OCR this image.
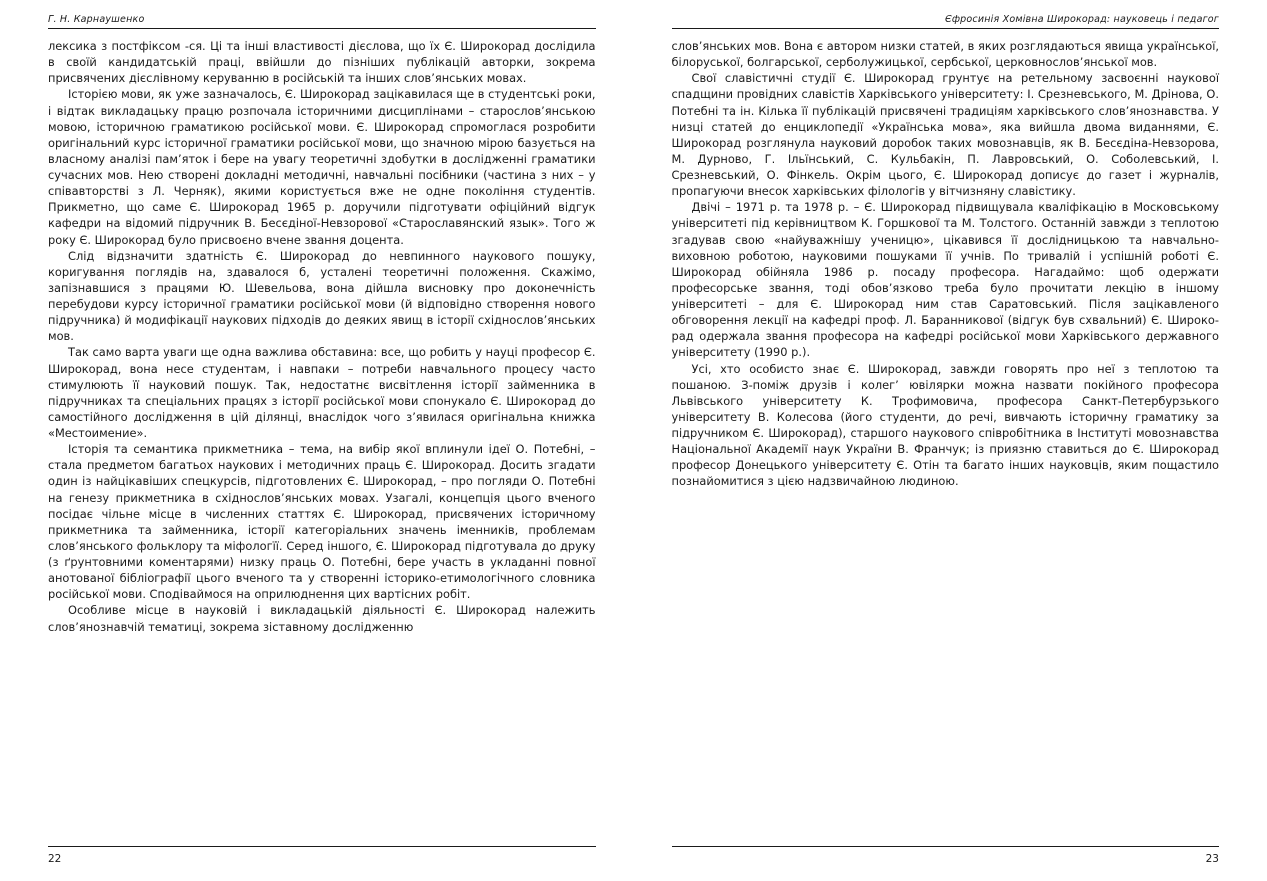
Г. Н. Карнаушенко

лексика з постфіксом -ся. Ці та інші властивості дієслова, що їх Є. Широкорад дослідила в своїй кандидатській праці, ввійшли до пізніших публікацій авторки, зокрема присвячених дієслівному керуванню в російській та інших слов’янських мовах.

Історією мови, як уже зазначалось, Є. Широкорад зацікавилася ще в студентські роки, і відтак викладацьку працю розпочала історичними дисциплінами – старослов’янською мовою, історичною граматикою російської мови. Є. Широкорад спромоглася розробити оригінальний курс історичної граматики російської мови, що значною мірою базується на власному аналізі пам’яток і бере на увагу теоретичні здобутки в дослідженні граматики сучасних мов. Нею створені докладні методичні, навчальні посібники (частина з них – у співавторстві з Л. Черняк), якими користується вже не одне покоління студентів. Прикметно, що саме Є. Широкорад 1965 р. доручили підготувати офіційний відгук кафедри на відомий підручник В. Бесєдіної-Невзорової «Старославянский язык». Того ж року Є. Широкорад було присвоєно вчене звання доцента.

Слід відзначити здатність Є. Широкорад до невпинного наукового пошуку, коригування поглядів на, здавалося б, усталені теоретичні положення. Скажімо, запізнавшися з працями Ю. Шевельова, вона дійшла висновку про доконечність перебудови курсу історичної граматики російської мови (й відповідно створення нового підручника) й модифікації наукових підходів до деяких явищ в історії східнослов’янських мов.

Так само варта уваги ще одна важлива обставина: все, що робить у науці професор Є. Широкорад, вона несе студентам, і навпаки – потреби навчального процесу часто стимулюють її науковий пошук. Так, недостатнє висвітлення історії займенника в підручниках та спеціальних працях з історії російської мови спонукало Є. Широкорад до самостійного дослідження в цій ділянці, внаслідок чого з’явилася оригінальна книжка «Местоимение».

Історія та семантика прикметника – тема, на вибір якої вплинули ідеї О. Потебні, – стала предметом багатьох наукових і методичних праць Є. Широкорад. Досить згадати один із найцікавіших спецкурсів, підготовлених Є. Широкорад, – про погляди О. Потебні на генезу прикметника в східнослов’янських мовах. Узагалі, концепція цього вченого посідає чільне місце в численних статтях Є. Широкорад, присвячених історичному прикметника та займенника, історії категоріальних значень іменників, проблемам слов’янського фольклору та міфологїї. Серед іншого, Є. Широкорад підготувала до друку (з ґрунтовними коментарями) низку праць О. Потебні, бере участь в укладанні повної анотованої бібліографії цього вченого та у створенні історико-етимологічного словника російської мови. Сподіваймося на оприлюднення цих вартісних робіт.

Особливе місце в науковій і викладацькій діяльності Є. Широкорад належить слов’янознавчій тематиці, зокрема зіставному дослідженню

22
Єфросинія Хомівна Широкорад: науковець і педагог

слов’янських мов. Вона є автором низки статей, в яких розглядаються явища української, білоруської, болгарської, серболужицької, сербської, церковнослов’янської мов.

Свої славістичні студії Є. Широкорад грунтує на ретельному засвоєнні наукової спадщини провідних славістів Харківського університету: І. Срезневського, М. Дрінова, О. Потебні та ін. Кілька її публікацій присвячені традиціям харківського слов’янознавства. У низці статей до енциклопедії «Українська мова», яка вийшла двома виданнями, Є. Широкорад розглянула науковий доробок таких мовознавців, як В. Бесєдіна-Невзорова, М. Дурново, Г. Ільїнський, С. Кульбакін, П. Лавровський, О. Соболевський, І. Срезневський, О. Фінкель. Окрім цього, Є. Широкорад дописує до газет і журналів, пропагуючи внесок харківських філологів у вітчизняну славістику.

Двічі – 1971 р. та 1978 р. – Є. Широкорад підвищувала кваліфікацію в Московському університеті під керівництвом К. Горшкової та М. Толстого. Останній завжди з теплотою згадував свою «найуважнішу ученицю», цікавився її дослідницькою та навчально-виховною роботою, науковими пошуками її учнів. По тривалій і успішній роботі Є. Широкорад обійняла 1986 р. посаду професора. Нагадаймо: щоб одержати професорське звання, тоді обов’язково треба було прочитати лекцію в іншому університеті – для Є. Широкорад ним став Саратовський. Після зацікавленого обговорення лекції на кафедрі проф. Л. Баранникової (відгук був схвальний) Є. Широкорад одержала звання професора на кафедрі російської мови Харківського державного університету (1990 р.).

Усі, хто особисто знає Є. Широкорад, завжди говорять про неї з теплотою та пошаною. З-поміж друзів і колег’ ювілярки можна назвати покійного професора Львівського університету К. Трофимовича, професора Санкт-Петербурзького університету В. Колесова (його студенти, до речі, вивчають історичну граматику за підручником Є. Широкорад), старшого наукового співробітника в Інституті мовознавства Національної Академії наук України В. Франчук; із приязню ставиться до Є. Широкорад професор Донецького університету Є. Отін та багато інших науковців, яким пощастило познайомитися з цією надзвичайною людиною.

23
